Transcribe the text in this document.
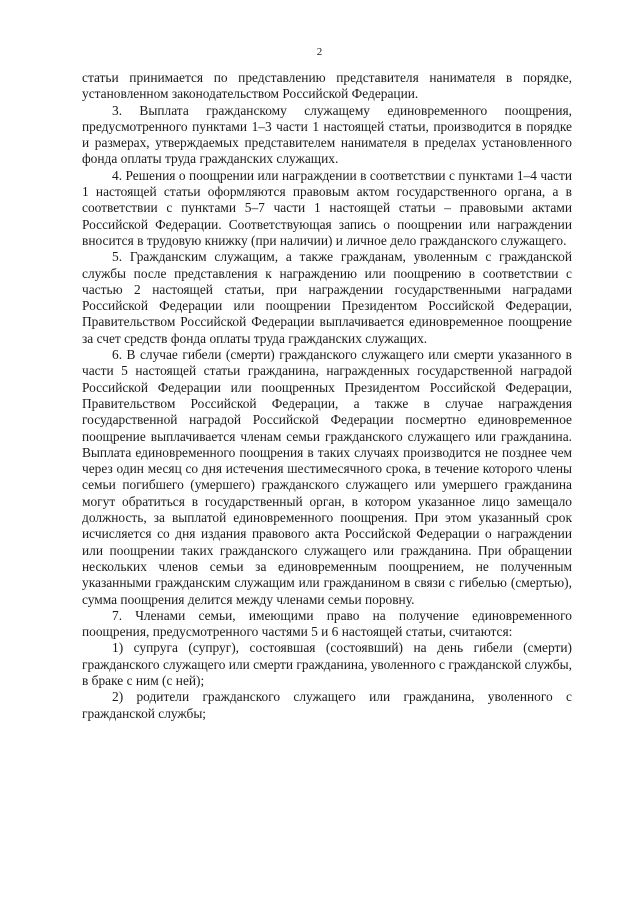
2

статьи принимается по представлению представителя нанимателя в порядке, установленном законодательством Российской Федерации.

3. Выплата гражданскому служащему единовременного поощрения, предусмотренного пунктами 1–3 части 1 настоящей статьи, производится в порядке и размерах, утверждаемых представителем нанимателя в пределах установленного фонда оплаты труда гражданских служащих.

4. Решения о поощрении или награждении в соответствии с пунктами 1–4 части 1 настоящей статьи оформляются правовым актом государственного органа, а в соответствии с пунктами 5–7 части 1 настоящей статьи – правовыми актами Российской Федерации. Соответствующая запись о поощрении или награждении вносится в трудовую книжку (при наличии) и личное дело гражданского служащего.

5. Гражданским служащим, а также гражданам, уволенным с гражданской службы после представления к награждению или поощрению в соответствии с частью 2 настоящей статьи, при награждении государственными наградами Российской Федерации или поощрении Президентом Российской Федерации, Правительством Российской Федерации выплачивается единовременное поощрение за счет средств фонда оплаты труда гражданских служащих.

6. В случае гибели (смерти) гражданского служащего или смерти указанного в части 5 настоящей статьи гражданина, награжденных государственной наградой Российской Федерации или поощренных Президентом Российской Федерации, Правительством Российской Федерации, а также в случае награждения государственной наградой Российской Федерации посмертно единовременное поощрение выплачивается членам семьи гражданского служащего или гражданина. Выплата единовременного поощрения в таких случаях производится не позднее чем через один месяц со дня истечения шестимесячного срока, в течение которого члены семьи погибшего (умершего) гражданского служащего или умершего гражданина могут обратиться в государственный орган, в котором указанное лицо замещало должность, за выплатой единовременного поощрения. При этом указанный срок исчисляется со дня издания правового акта Российской Федерации о награждении или поощрении таких гражданского служащего или гражданина. При обращении нескольких членов семьи за единовременным поощрением, не полученным указанными гражданским служащим или гражданином в связи с гибелью (смертью), сумма поощрения делится между членами семьи поровну.

7. Членами семьи, имеющими право на получение единовременного поощрения, предусмотренного частями 5 и 6 настоящей статьи, считаются:

1) супруга (супруг), состоявшая (состоявший) на день гибели (смерти) гражданского служащего или смерти гражданина, уволенного с гражданской службы, в браке с ним (с ней);

2) родители гражданского служащего или гражданина, уволенного с гражданской службы;
